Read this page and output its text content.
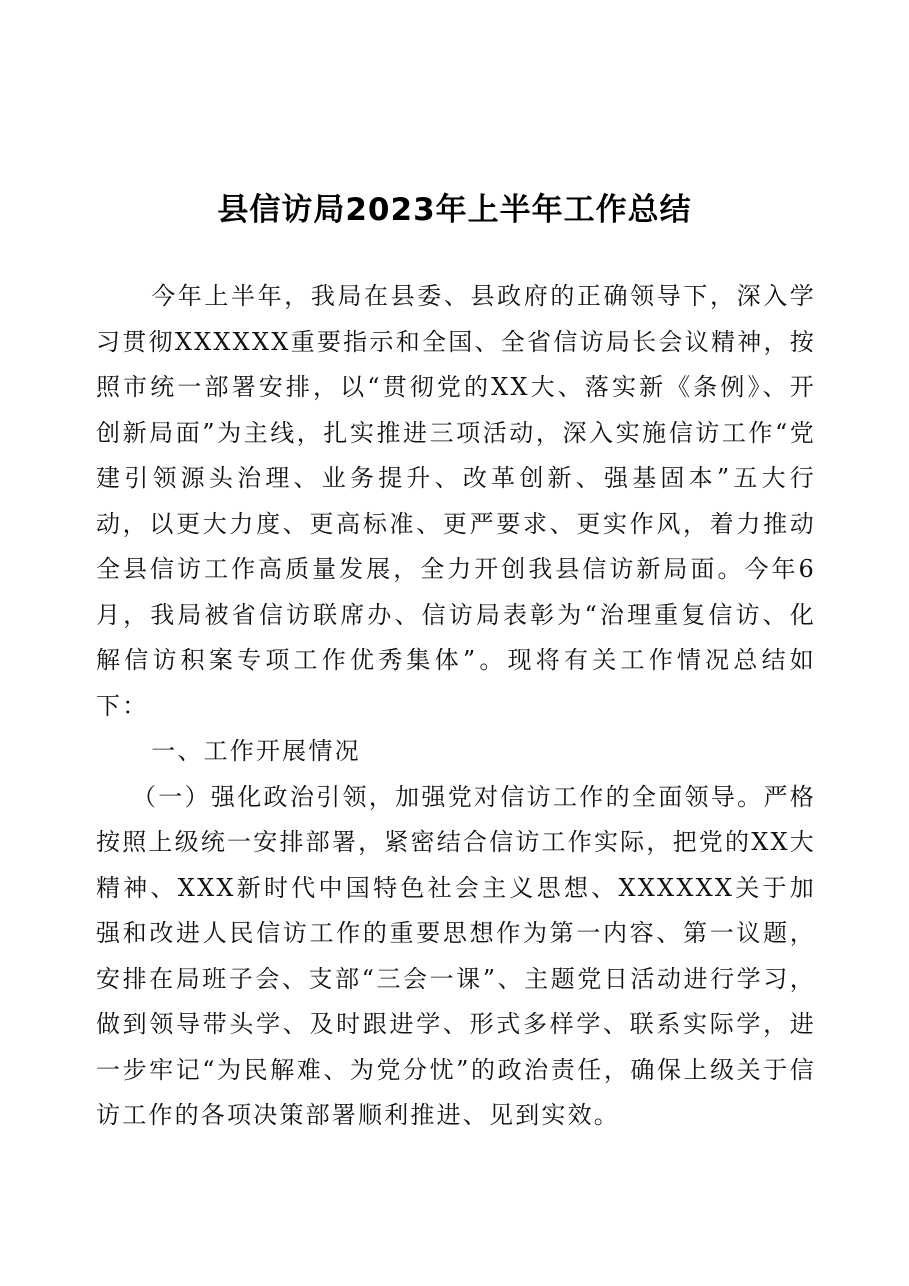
县信访局2023年上半年工作总结

今年上半年，我局在县委、县政府的正确领导下，深入学习贯彻XXXXXX重要指示和全国、全省信访局长会议精神，按照市统一部署安排，以“贯彻党的XX大、落实新《条例》、开创新局面”为主线，扎实推进三项活动，深入实施信访工作“党建引领源头治理、业务提升、改革创新、强基固本”五大行动，以更大力度、更高标准、更严要求、更实作风，着力推动全县信访工作高质量发展，全力开创我县信访新局面。今年6月，我局被省信访联席办、信访局表彰为“治理重复信访、化解信访积案专项工作优秀集体”。现将有关工作情况总结如下：

一、工作开展情况

（一）强化政治引领，加强党对信访工作的全面领导。严格按照上级统一安排部署，紧密结合信访工作实际，把党的XX大精神、XXX新时代中国特色社会主义思想、XXXXXX关于加强和改进人民信访工作的重要思想作为第一内容、第一议题，安排在局班子会、支部“三会一课”、主题党日活动进行学习，做到领导带头学、及时跟进学、形式多样学、联系实际学，进一步牢记“为民解难、为党分忧”的政治责任，确保上级关于信访工作的各项决策部署顺利推进、见到实效。
